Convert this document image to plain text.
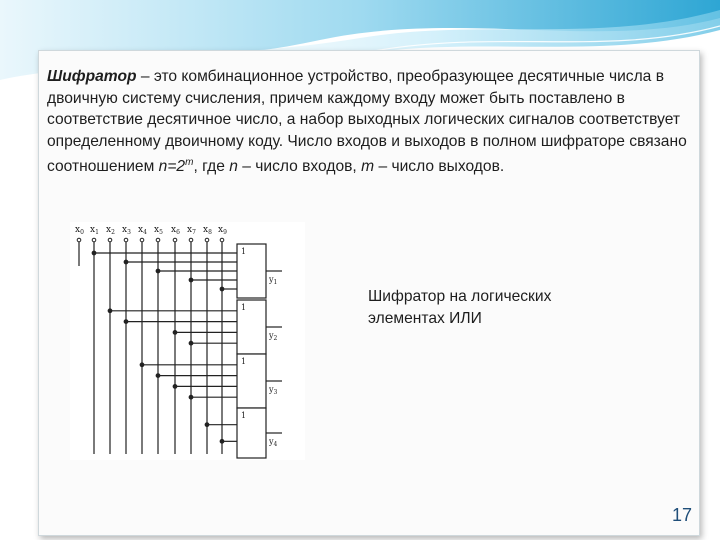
Шифратор – это комбинационное устройство, преобразующее десятичные числа в двоичную систему счисления, причем каждому входу может быть поставлено в соответствие десятичное число, а набор выходных логических сигналов соответствует определенному двоичному коду. Число входов и выходов в полном шифраторе связано соотношением $n=2^m$, где n – число входов, m – число выходов.

$x_0$ $x_1$ $x_2$ $x_3$ $x_4$ $x_5$ $x_6$ $x_7$ $x_8$ $x_9$
1
$y_1$
1
$y_2$
1
$y_3$
1
$y_4$

Шифратор на логических элементах ИЛИ

17
